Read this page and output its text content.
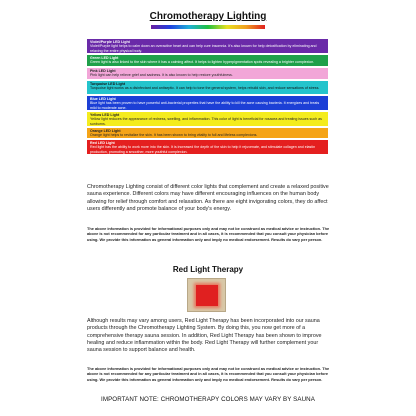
Chromotherapy Lighting
Violet/Purple LED Light
Violet/Purple light helps to calm down an overactive heart and can help cure insomnia. It's also known for help detoxification by eliminating and relaxing the entire physical body.
Green LED Light
Green light is also linked to the skin where it has a calming affect. It helps to lighten hyperpigmentation spots revealing a brighter complexion.
Pink LED Light
Pink light can help relieve grief and sadness. It is also known to help restore youthfulness.
Turquoise LED Light
Turquoise light works as a disinfectant and antiseptic. It can help to tone the general system, helps rebuild skin, and reduce sensations of stress.
Blue LED Light
Blue light has been proven to have powerful anti-bacterial properties that have the ability to kill the acne causing bacteria. It energizes and treats mild to moderate acne.
Yellow LED Light
Yellow light reduces the appearance of redness, swelling, and inflammation. This color of light is beneficial for rosacea and treating issues such as sunburns.
Orange LED Light
Orange light helps to revitalize the skin. It has been shown to bring vitality to full and lifeless complexions.
Red LED Light
Red light has the ability to work more into the skin. It is increased the depth of the skin to help it rejuvenate, and stimulate collagen and elastin production, promoting a smoother, more youthful complexion.
Chromotherapy Lighting consist of different color lights that complement and create a relaxed positive sauna experience. Different colors may have different encouraging influences on the human body allowing for relief through comfort and relaxation. As there are eight invigorating colors, they do affect users differently and promote balance of your body's energy.
The above information is provided for informational purposes only and may not be construed as medical advice or instruction. The above is not recommended for any particular treatment and in all cases, it is recommended that you consult your physician before using. We provide this information as general information only and imply no medical endorsement. Results do vary per person.
Red Light Therapy
Although results may vary among users, Red Light Therapy has been incorporated into our sauna products through the Chromotherapy Lighting System. By doing this, you now get more of a comprehensive therapy sauna session. In addition, Red Light Therapy has been shown to improve healing and reduce inflammation within the body. Red Light Therapy will further complement your sauna session to support balance and health.
The above information is provided for informational purposes only and may not be construed as medical advice or instruction. The above is not recommended for any particular treatment and in all cases, it is recommended that you consult your physician before using. We provide this information as general information only and imply no medical endorsement. Results do vary per person.
IMPORTANT NOTE: CHROMOTHERAPY COLORS MAY VARY BY SAUNA
